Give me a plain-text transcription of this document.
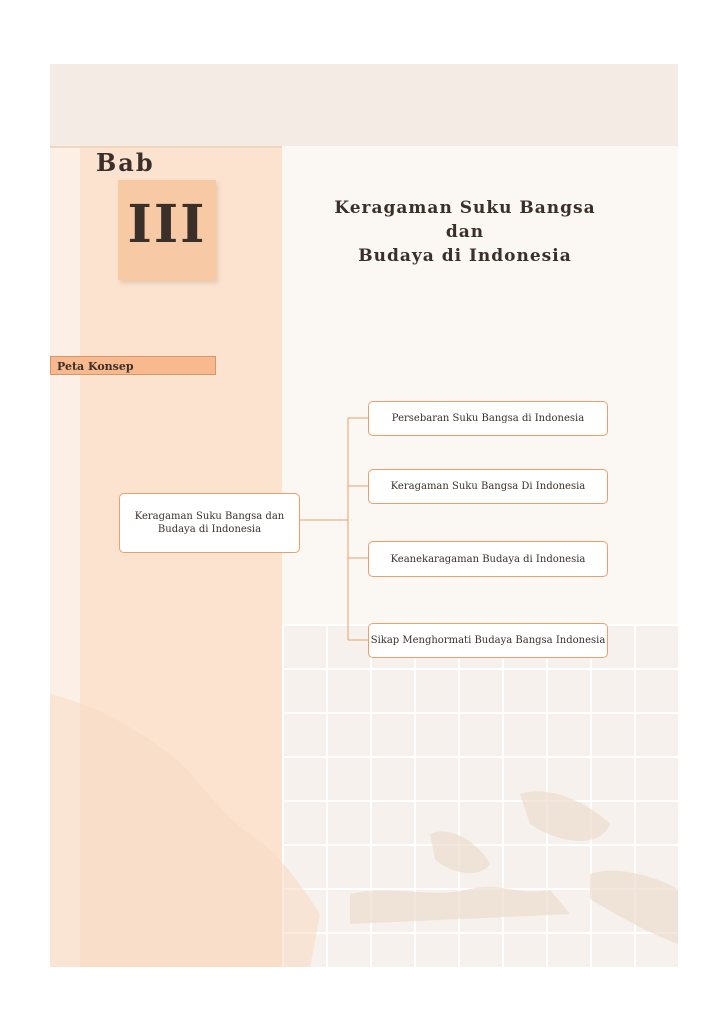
Bab
III	Keragaman Suku Bangsa dan
Budaya di Indonesia
Peta Konsep
Keragaman Suku Bangsa dan Budaya di Indonesia
Persebaran Suku Bangsa di Indonesia
Keragaman Suku Bangsa Di Indonesia
Keanekaragaman Budaya di Indonesia
Sikap Menghormati Budaya Bangsa Indonesia
